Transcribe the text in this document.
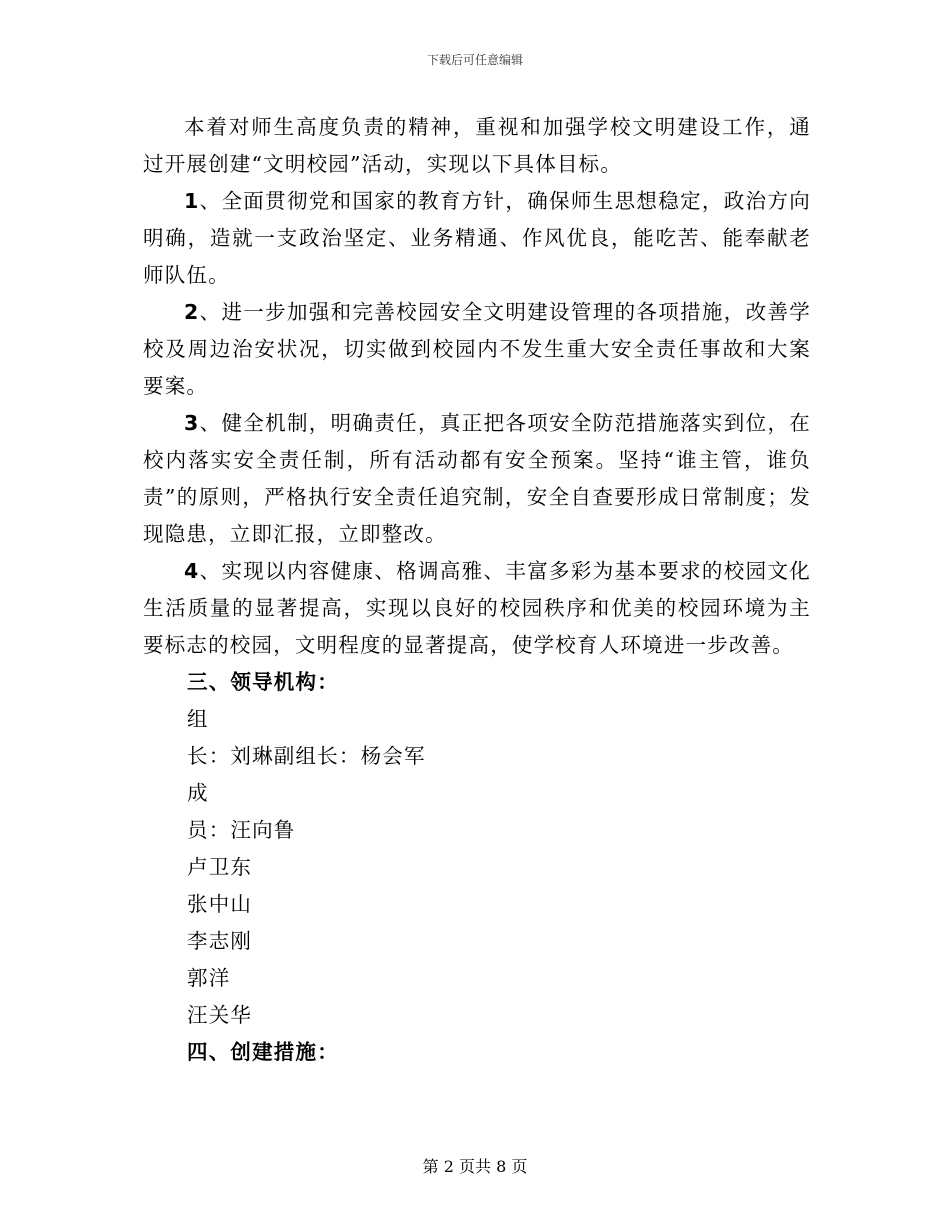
下载后可任意编辑

本着对师生高度负责的精神，重视和加强学校文明建设工作，通过开展创建“文明校园”活动，实现以下具体目标。

1、全面贯彻党和国家的教育方针，确保师生思想稳定，政治方向明确，造就一支政治坚定、业务精通、作风优良，能吃苦、能奉献老师队伍。

2、进一步加强和完善校园安全文明建设管理的各项措施，改善学校及周边治安状况，切实做到校园内不发生重大安全责任事故和大案要案。

3、健全机制，明确责任，真正把各项安全防范措施落实到位，在校内落实安全责任制，所有活动都有安全预案。坚持“谁主管，谁负责”的原则，严格执行安全责任追究制，安全自查要形成日常制度；发现隐患，立即汇报，立即整改。

4、实现以内容健康、格调高雅、丰富多彩为基本要求的校园文化生活质量的显著提高，实现以良好的校园秩序和优美的校园环境为主要标志的校园，文明程度的显著提高，使学校育人环境进一步改善。

三、领导机构：

组

长：刘琳副组长：杨会军

成

员：汪向鲁

卢卫东

张中山

李志刚

郭洋

汪关华

四、创建措施：

第 2 页共 8 页
